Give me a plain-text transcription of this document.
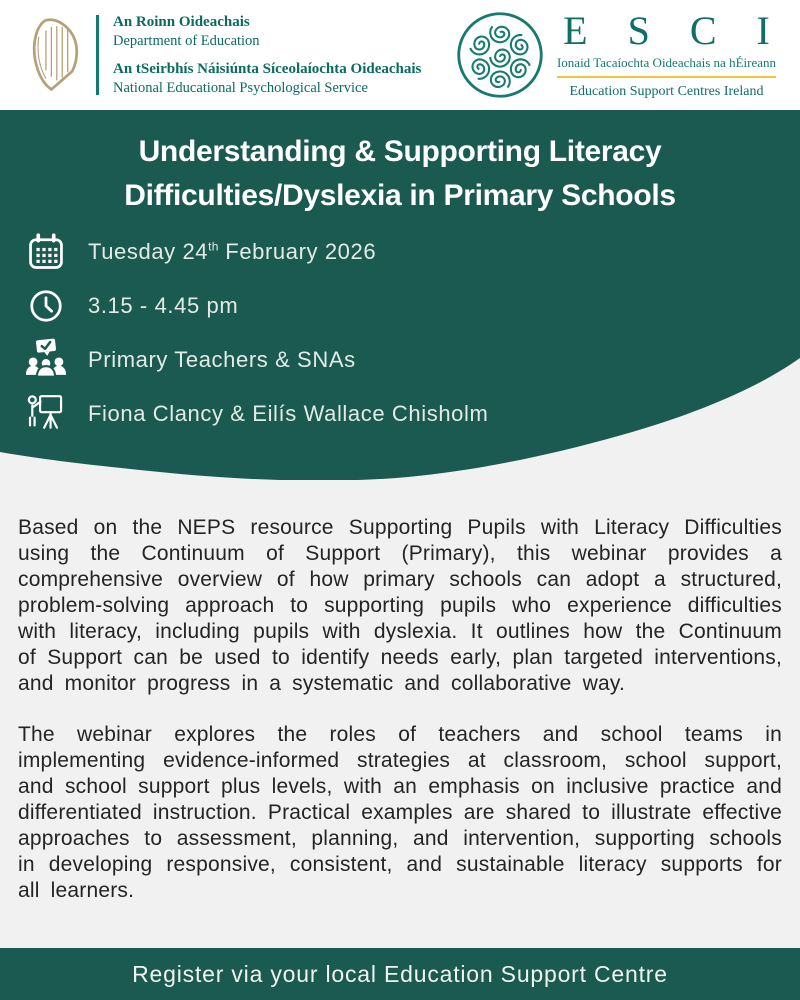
An Roinn Oideachais
Department of Education
An tSeirbhís Náisiúnta Síceolaíochta Oideachais
National Educational Psychological Service
E S C I
Ionaid Tacaíochta Oideachais na hÉireann
Education Support Centres Ireland
Understanding & Supporting Literacy
Difficulties/Dyslexia in Primary Schools
Tuesday 24th February 2026
3.15 - 4.45 pm
Primary Teachers & SNAs
Fiona Clancy & Eilís Wallace Chisholm

Based on the NEPS resource Supporting Pupils with Literacy Difficulties using the Continuum of Support (Primary), this webinar provides a comprehensive overview of how primary schools can adopt a structured, problem-solving approach to supporting pupils who experience difficulties with literacy, including pupils with dyslexia. It outlines how the Continuum of Support can be used to identify needs early, plan targeted interventions, and monitor progress in a systematic and collaborative way.

The webinar explores the roles of teachers and school teams in implementing evidence-informed strategies at classroom, school support, and school support plus levels, with an emphasis on inclusive practice and differentiated instruction. Practical examples are shared to illustrate effective approaches to assessment, planning, and intervention, supporting schools in developing responsive, consistent, and sustainable literacy supports for all learners.

Register via your local Education Support Centre
